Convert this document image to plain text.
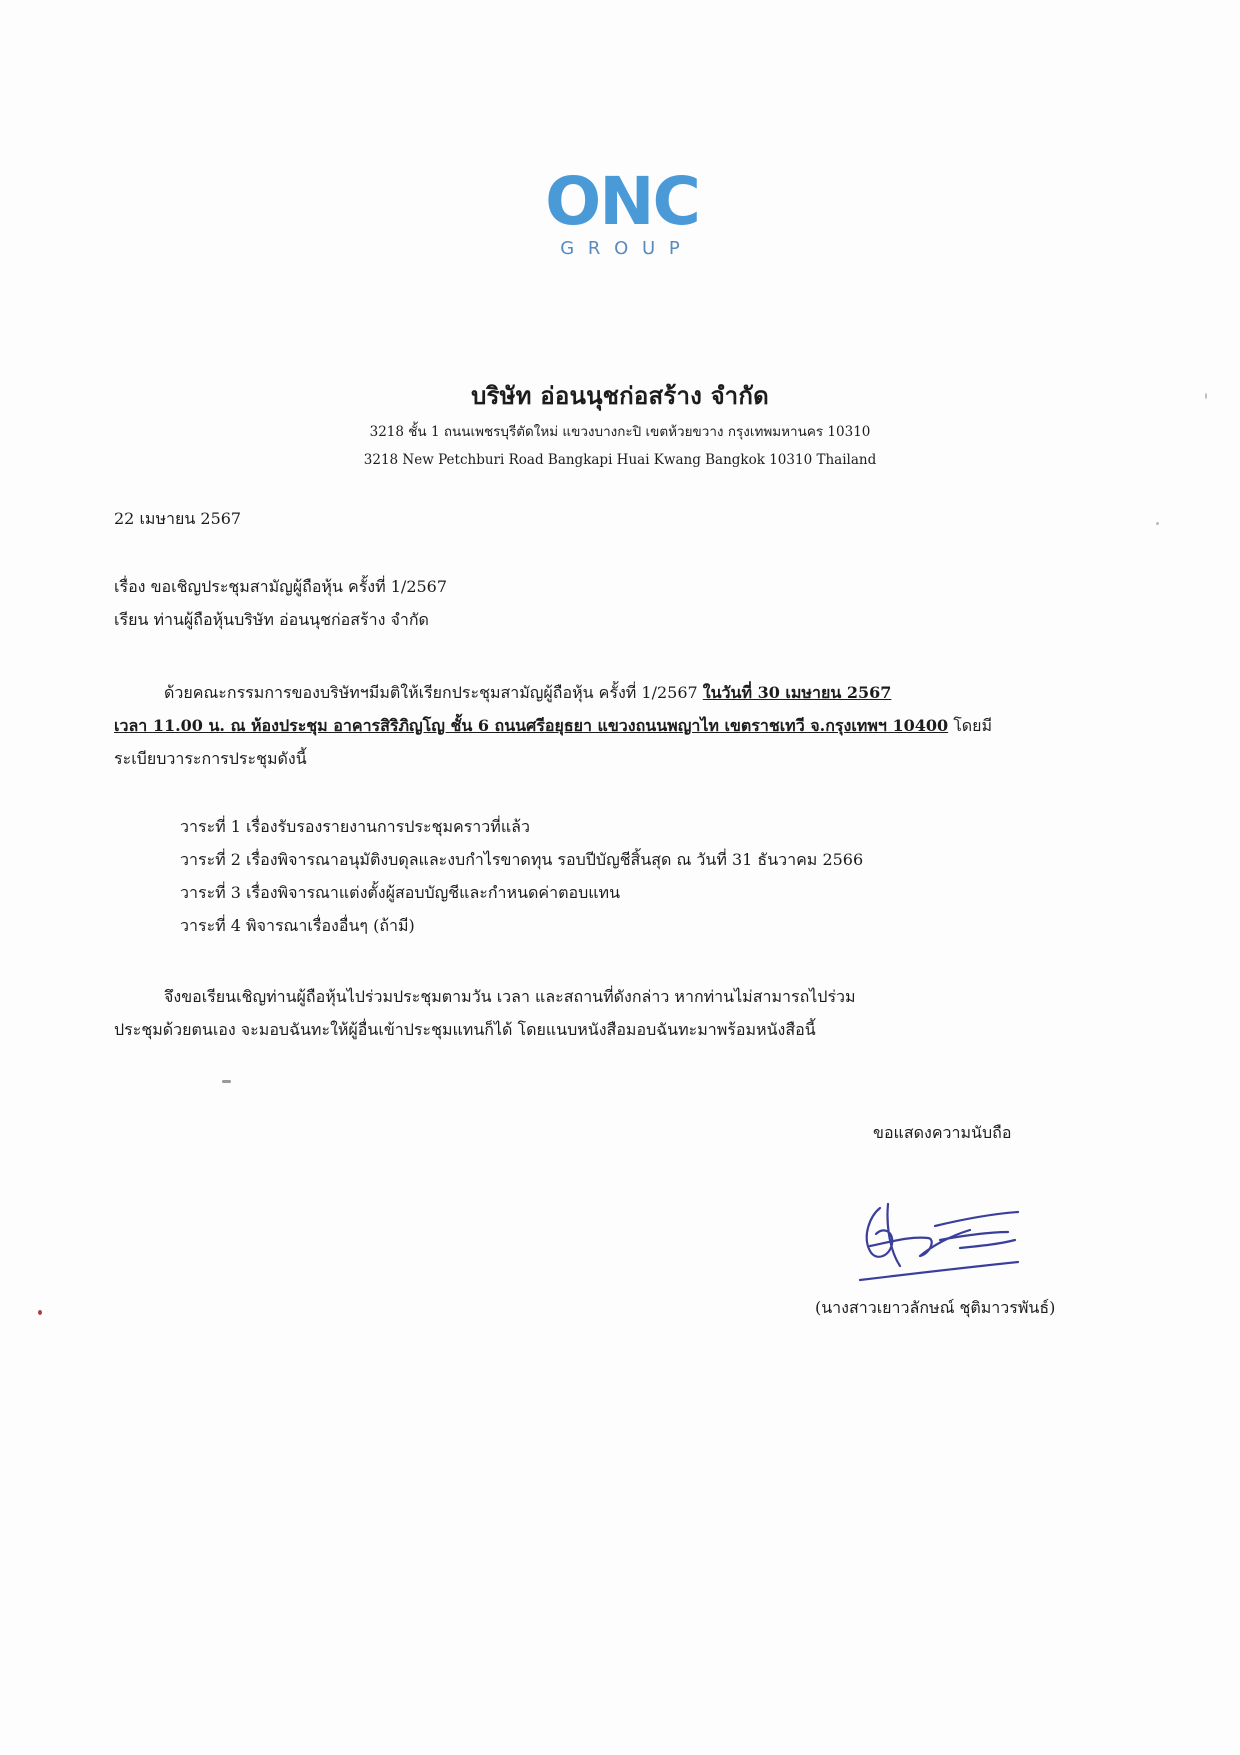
ONC
G R O U P
บริษัท อ่อนนุชก่อสร้าง จำกัด
3218 ชั้น 1 ถนนเพชรบุรีตัดใหม่ แขวงบางกะปิ เขตห้วยขวาง กรุงเทพมหานคร 10310
3218 New Petchburi Road Bangkapi Huai Kwang Bangkok 10310 Thailand
22 เมษายน 2567
เรื่อง ขอเชิญประชุมสามัญผู้ถือหุ้น ครั้งที่ 1/2567
เรียน ท่านผู้ถือหุ้นบริษัท อ่อนนุชก่อสร้าง จำกัด
ด้วยคณะกรรมการของบริษัทฯมีมติให้เรียกประชุมสามัญผู้ถือหุ้น ครั้งที่ 1/2567 ในวันที่ 30 เมษายน 2567
เวลา 11.00 น. ณ ห้องประชุม อาคารสิริภิญโญ ชั้น 6 ถนนศรีอยุธยา แขวงถนนพญาไท เขตราชเทวี จ.กรุงเทพฯ 10400 โดยมี
ระเบียบวาระการประชุมดังนี้
วาระที่ 1 เรื่องรับรองรายงานการประชุมคราวที่แล้ว
วาระที่ 2 เรื่องพิจารณาอนุมัติงบดุลและงบกำไรขาดทุน รอบปีบัญชีสิ้นสุด ณ วันที่ 31 ธันวาคม 2566
วาระที่ 3 เรื่องพิจารณาแต่งตั้งผู้สอบบัญชีและกำหนดค่าตอบแทน
วาระที่ 4 พิจารณาเรื่องอื่นๆ (ถ้ามี)
จึงขอเรียนเชิญท่านผู้ถือหุ้นไปร่วมประชุมตามวัน เวลา และสถานที่ดังกล่าว หากท่านไม่สามารถไปร่วม
ประชุมด้วยตนเอง จะมอบฉันทะให้ผู้อื่นเข้าประชุมแทนก็ได้ โดยแนบหนังสือมอบฉันทะมาพร้อมหนังสือนี้
ขอแสดงความนับถือ
(นางสาวเยาวลักษณ์ ชุติมาวรพันธ์)
